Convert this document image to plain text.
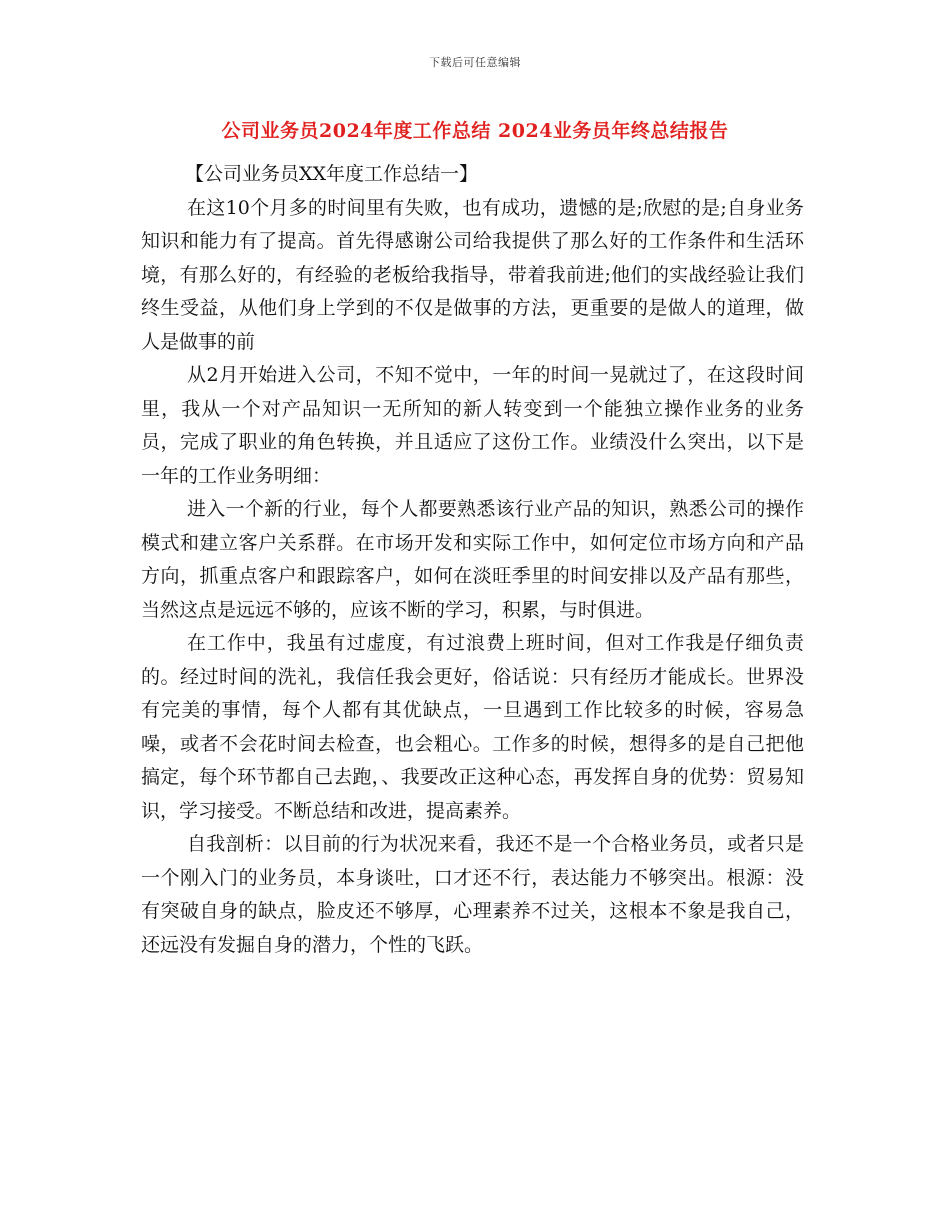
下载后可任意编辑
公司业务员2024年度工作总结 2024业务员年终总结报告

【公司业务员XX年度工作总结一】

在这10个月多的时间里有失败，也有成功，遗憾的是;欣慰的是;自身业务知识和能力有了提高。首先得感谢公司给我提供了那么好的工作条件和生活环境，有那么好的，有经验的老板给我指导，带着我前进;他们的实战经验让我们终生受益，从他们身上学到的不仅是做事的方法，更重要的是做人的道理，做人是做事的前

从2月开始进入公司，不知不觉中，一年的时间一晃就过了，在这段时间里，我从一个对产品知识一无所知的新人转变到一个能独立操作业务的业务员，完成了职业的角色转换，并且适应了这份工作。业绩没什么突出，以下是一年的工作业务明细：

进入一个新的行业，每个人都要熟悉该行业产品的知识，熟悉公司的操作模式和建立客户关系群。在市场开发和实际工作中，如何定位市场方向和产品方向，抓重点客户和跟踪客户，如何在淡旺季里的时间安排以及产品有那些，当然这点是远远不够的，应该不断的学习，积累，与时俱进。

在工作中，我虽有过虚度，有过浪费上班时间，但对工作我是仔细负责的。经过时间的洗礼，我信任我会更好，俗话说：只有经历才能成长。世界没有完美的事情，每个人都有其优缺点，一旦遇到工作比较多的时候，容易急噪，或者不会花时间去检查，也会粗心。工作多的时候，想得多的是自己把他搞定，每个环节都自己去跑，、我要改正这种心态，再发挥自身的优势：贸易知识，学习接受。不断总结和改进，提高素养。

自我剖析：以目前的行为状况来看，我还不是一个合格业务员，或者只是一个刚入门的业务员，本身谈吐，口才还不行，表达能力不够突出。根源：没有突破自身的缺点，脸皮还不够厚，心理素养不过关，这根本不象是我自己，还远没有发掘自身的潜力，个性的飞跃。
